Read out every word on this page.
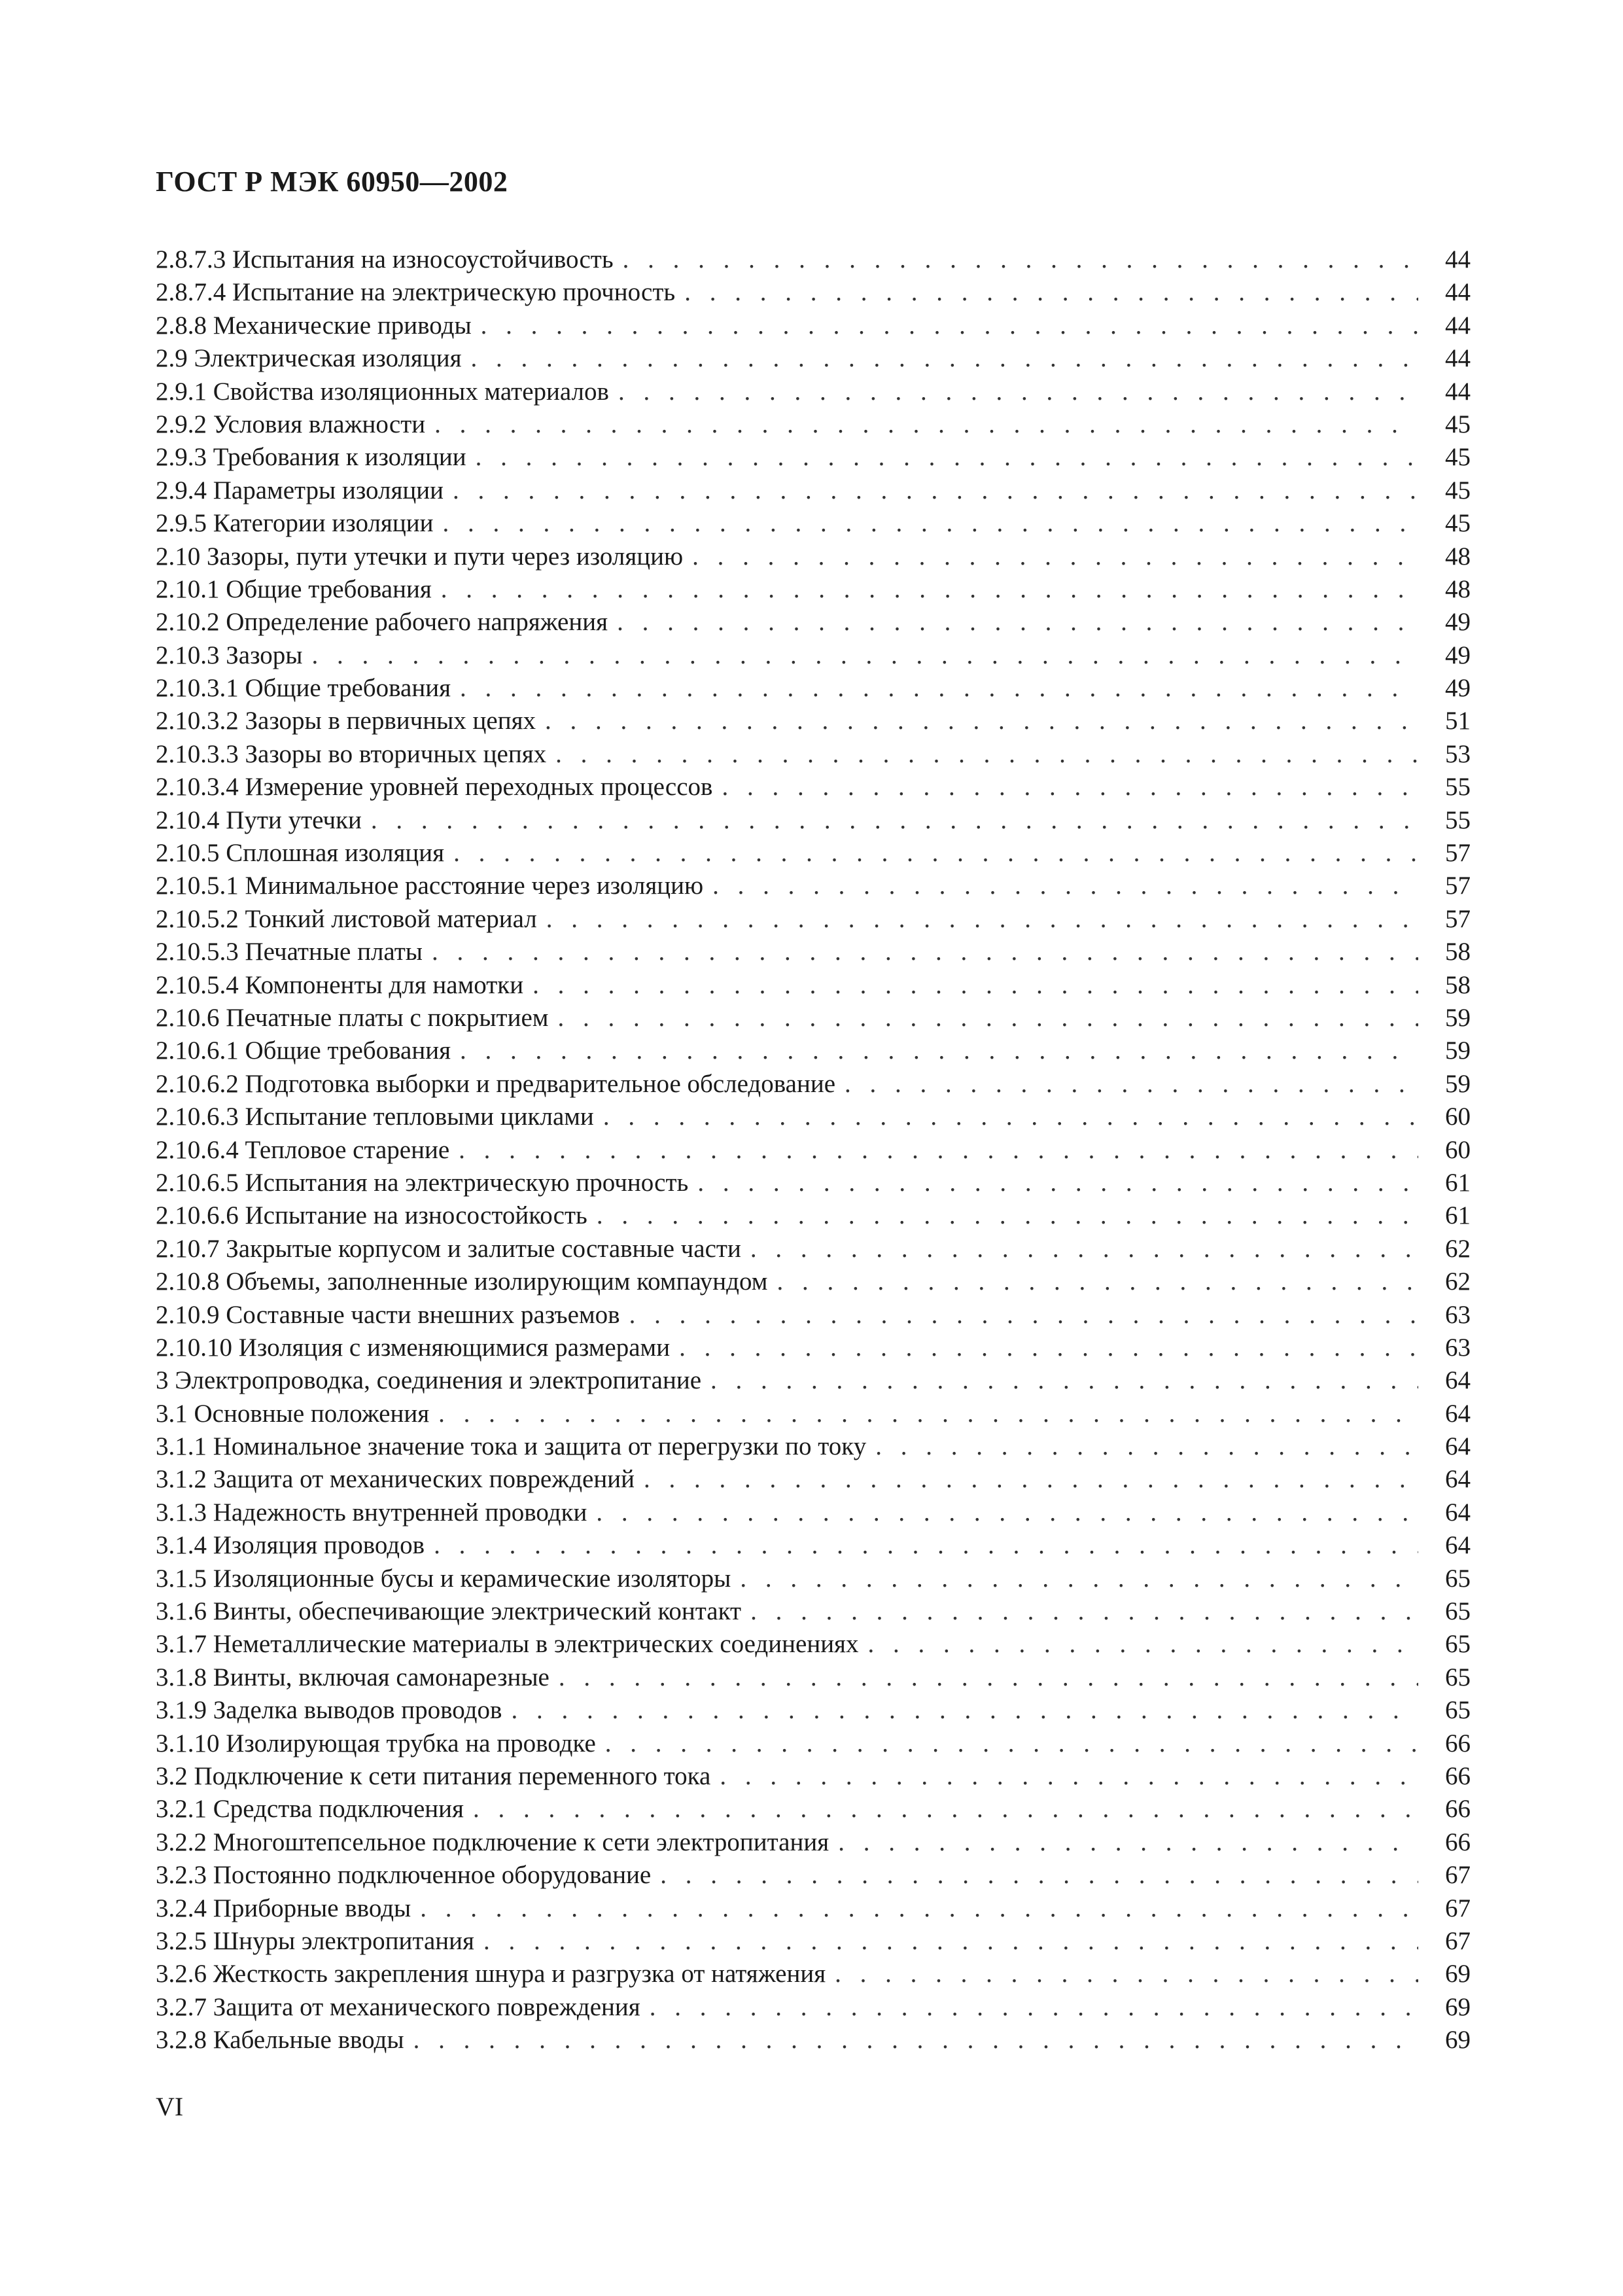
ГОСТ Р МЭК 60950—2002
2.8.7.3 Испытания на износоустойчивость . . .	44
2.8.7.4 Испытание на электрическую прочность . . .	44
2.8.8 Механические приводы . . .	44
2.9 Электрическая изоляция . . .	44
2.9.1 Свойства изоляционных материалов . . .	44
2.9.2 Условия влажности . . .	45
2.9.3 Требования к изоляции . . .	45
2.9.4 Параметры изоляции . . .	45
2.9.5 Категории изоляции . . .	45
2.10 Зазоры, пути утечки и пути через изоляцию . . .	48
2.10.1 Общие требования . . .	48
2.10.2 Определение рабочего напряжения . . .	49
2.10.3 Зазоры . . .	49
2.10.3.1 Общие требования . . .	49
2.10.3.2 Зазоры в первичных цепях . . .	51
2.10.3.3 Зазоры во вторичных цепях . . .	53
2.10.3.4 Измерение уровней переходных процессов . . .	55
2.10.4 Пути утечки . . .	55
2.10.5 Сплошная изоляция . . .	57
2.10.5.1 Минимальное расстояние через изоляцию . . .	57
2.10.5.2 Тонкий листовой материал . . .	57
2.10.5.3 Печатные платы . . .	58
2.10.5.4 Компоненты для намотки . . .	58
2.10.6 Печатные платы с покрытием . . .	59
2.10.6.1 Общие требования . . .	59
2.10.6.2 Подготовка выборки и предварительное обследование . . .	59
2.10.6.3 Испытание тепловыми циклами . . .	60
2.10.6.4 Тепловое старение . . .	60
2.10.6.5 Испытания на электрическую прочность . . .	61
2.10.6.6 Испытание на износостойкость . . .	61
2.10.7 Закрытые корпусом и залитые составные части . . .	62
2.10.8 Объемы, заполненные изолирующим компаундом . . .	62
2.10.9 Составные части внешних разъемов . . .	63
2.10.10 Изоляция с изменяющимися размерами . . .	63
3 Электропроводка, соединения и электропитание . . .	64
3.1 Основные положения . . .	64
3.1.1 Номинальное значение тока и защита от перегрузки по току . . .	64
3.1.2 Защита от механических повреждений . . .	64
3.1.3 Надежность внутренней проводки . . .	64
3.1.4 Изоляция проводов . . .	64
3.1.5 Изоляционные бусы и керамические изоляторы . . .	65
3.1.6 Винты, обеспечивающие электрический контакт . . .	65
3.1.7 Неметаллические материалы в электрических соединениях . . .	65
3.1.8 Винты, включая самонарезные . . .	65
3.1.9 Заделка выводов проводов . . .	65
3.1.10 Изолирующая трубка на проводке . . .	66
3.2 Подключение к сети питания переменного тока . . .	66
3.2.1 Средства подключения . . .	66
3.2.2 Многоштепсельное подключение к сети электропитания . . .	66
3.2.3 Постоянно подключенное оборудование . . .	67
3.2.4 Приборные вводы . . .	67
3.2.5 Шнуры электропитания . . .	67
3.2.6 Жесткость закрепления шнура и разгрузка от натяжения . . .	69
3.2.7 Защита от механического повреждения . . .	69
3.2.8 Кабельные вводы . . .	69
VI
